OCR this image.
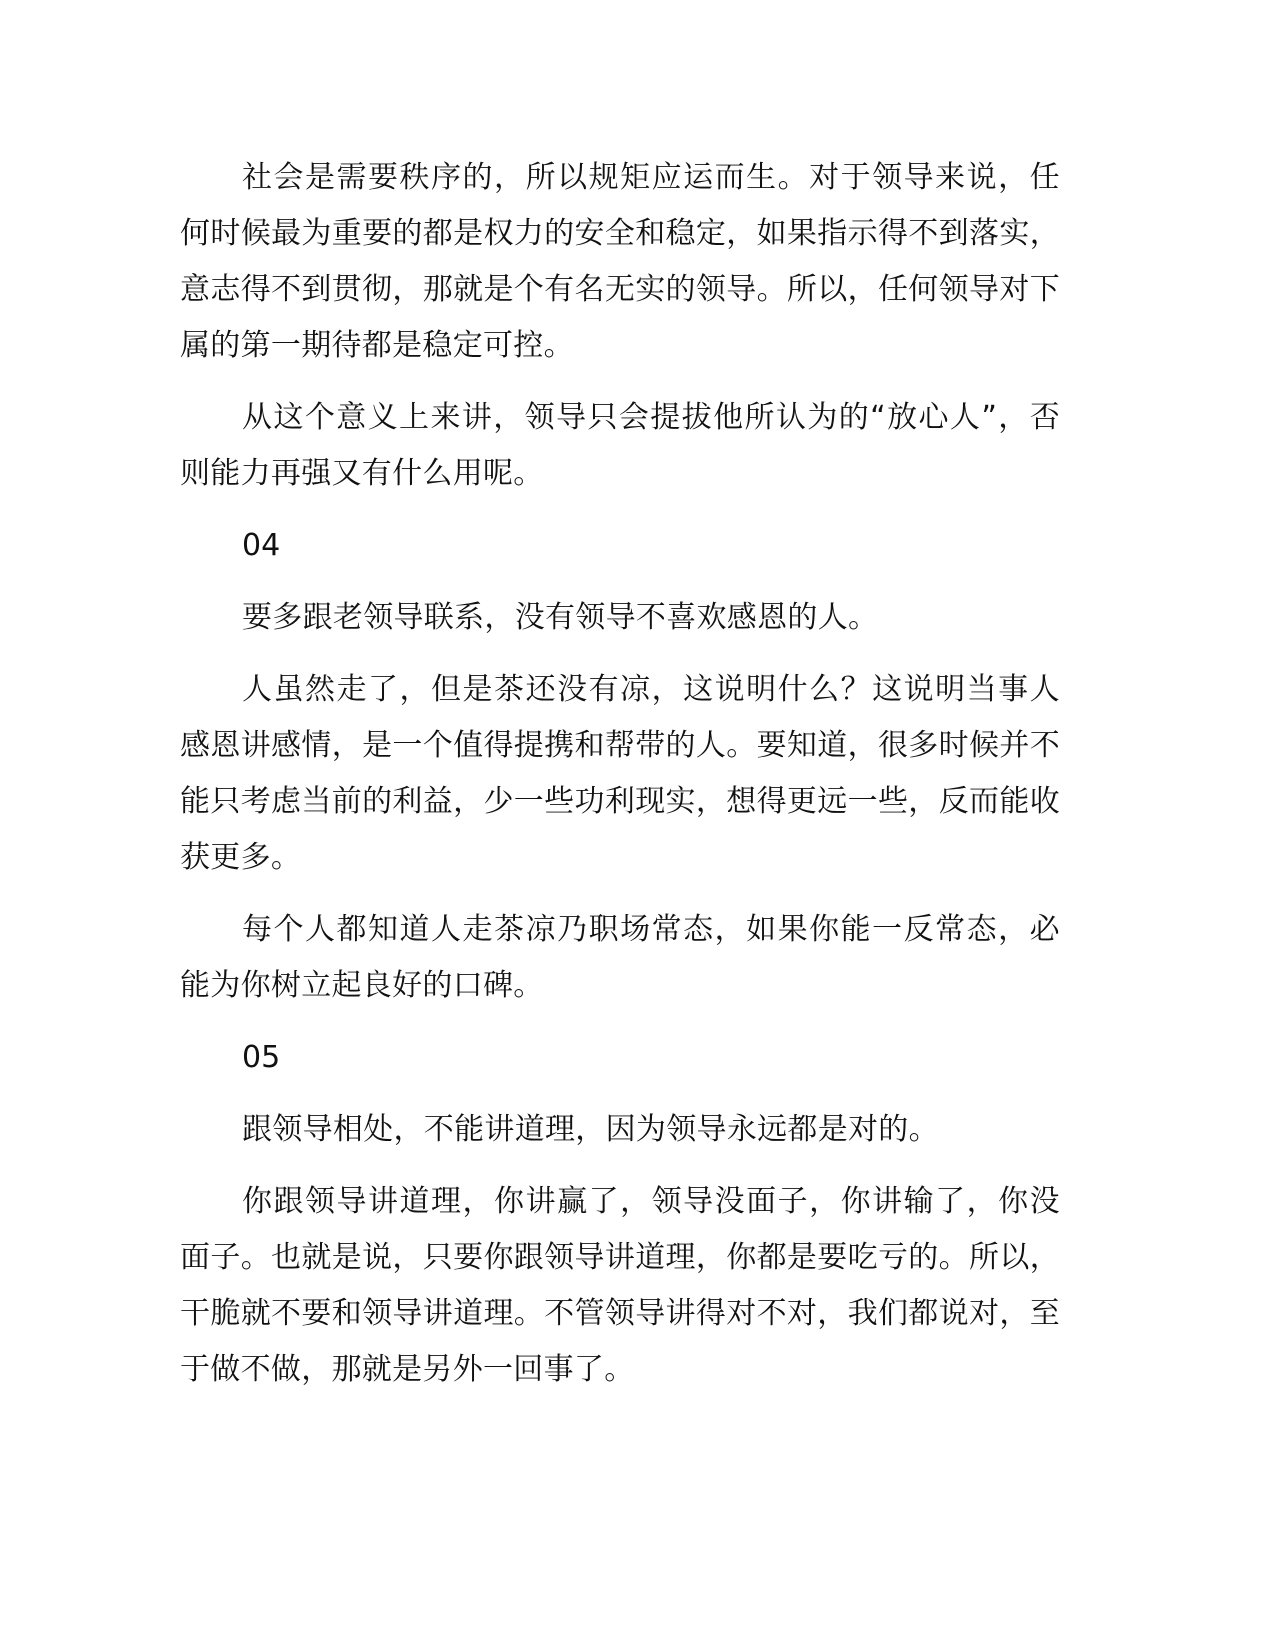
社会是需要秩序的，所以规矩应运而生。对于领导来说，任何时候最为重要的都是权力的安全和稳定，如果指示得不到落实，意志得不到贯彻，那就是个有名无实的领导。所以，任何领导对下属的第一期待都是稳定可控。

从这个意义上来讲，领导只会提拔他所认为的“放心人”，否则能力再强又有什么用呢。

04

要多跟老领导联系，没有领导不喜欢感恩的人。

人虽然走了，但是茶还没有凉，这说明什么？这说明当事人感恩讲感情，是一个值得提携和帮带的人。要知道，很多时候并不能只考虑当前的利益，少一些功利现实，想得更远一些，反而能收获更多。

每个人都知道人走茶凉乃职场常态，如果你能一反常态，必能为你树立起良好的口碑。

05

跟领导相处，不能讲道理，因为领导永远都是对的。

你跟领导讲道理，你讲赢了，领导没面子，你讲输了，你没面子。也就是说，只要你跟领导讲道理，你都是要吃亏的。所以，干脆就不要和领导讲道理。不管领导讲得对不对，我们都说对，至于做不做，那就是另外一回事了。
